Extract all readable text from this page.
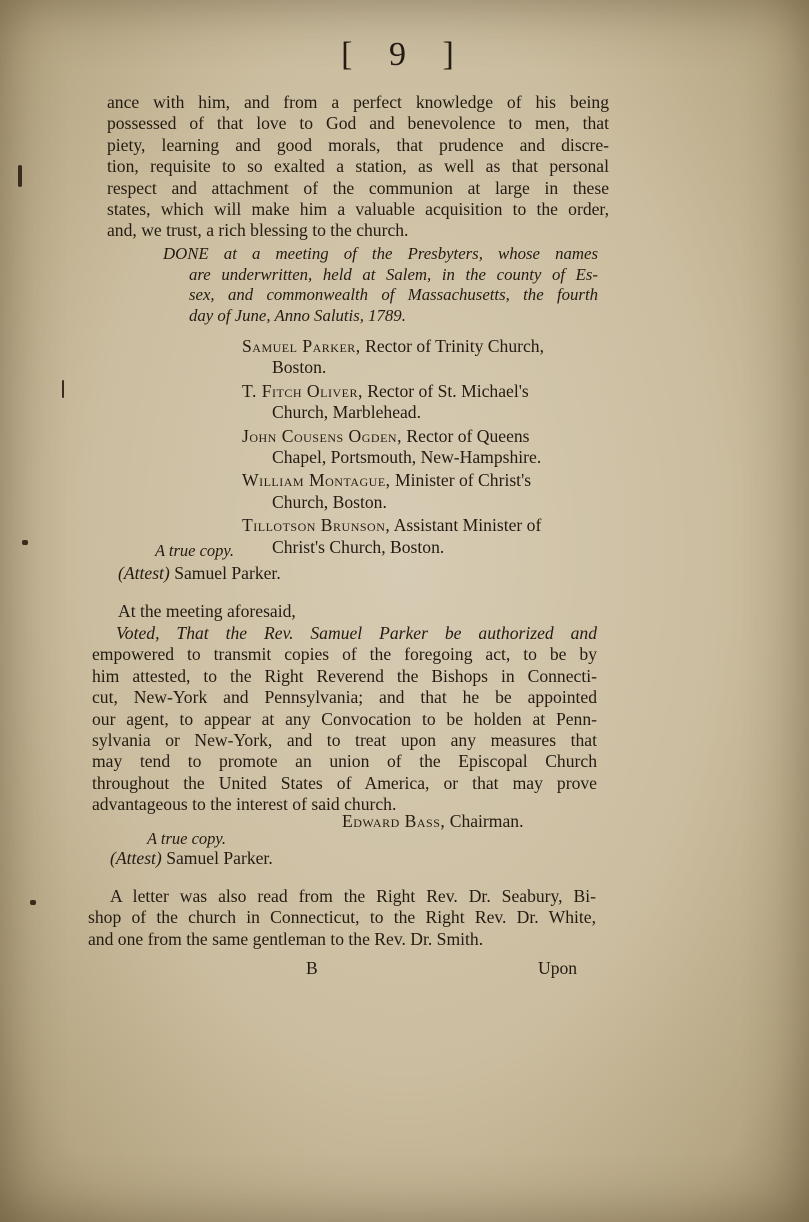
[ 9 ]
ance with him, and from a perfect knowledge of his being
possessed of that love to God and benevolence to men, that
piety, learning and good morals, that prudence and discre-
tion, requisite to so exalted a station, as well as that personal
respect and attachment of the communion at large in these
states, which will make him a valuable acquisition to the order,
and, we trust, a rich blessing to the church.
DONE at a meeting of the Presbyters, whose names
are underwritten, held at Salem, in the county of Es-
sex, and commonwealth of Massachusetts, the fourth
day of June, Anno Salutis, 1789.
Samuel Parker, Rector of Trinity Church,
Boston.
T. Fitch Oliver, Rector of St. Michael's
Church, Marblehead.
John Cousens Ogden, Rector of Queens
Chapel, Portsmouth, New-Hampshire.
William Montague, Minister of Christ's
Church, Boston.
Tillotson Brunson, Assistant Minister of
Christ's Church, Boston.
A true copy.
(Attest) Samuel Parker.
At the meeting aforesaid,
Voted, That the Rev. Samuel Parker be authorized and
empowered to transmit copies of the foregoing act, to be by
him attested, to the Right Reverend the Bishops in Connecti-
cut, New-York and Pennsylvania; and that he be appointed
our agent, to appear at any Convocation to be holden at Penn-
sylvania or New-York, and to treat upon any measures that
may tend to promote an union of the Episcopal Church
throughout the United States of America, or that may prove
advantageous to the interest of said church.
Edward Bass, Chairman.
A true copy.
(Attest) Samuel Parker.
A letter was also read from the Right Rev. Dr. Seabury, Bi-
shop of the church in Connecticut, to the Right Rev. Dr. White,
and one from the same gentleman to the Rev. Dr. Smith.
B	Upon
